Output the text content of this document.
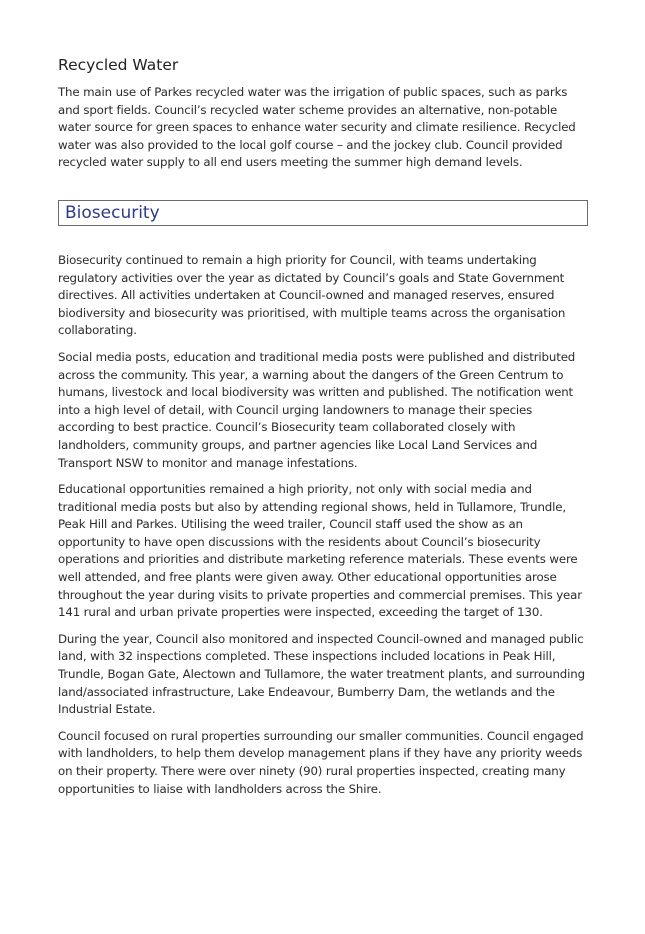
Recycled Water

The main use of Parkes recycled water was the irrigation of public spaces, such as parks and sport fields. Council’s recycled water scheme provides an alternative, non-potable water source for green spaces to enhance water security and climate resilience. Recycled water was also provided to the local golf course – and the jockey club. Council provided recycled water supply to all end users meeting the summer high demand levels.

Biosecurity

Biosecurity continued to remain a high priority for Council, with teams undertaking regulatory activities over the year as dictated by Council’s goals and State Government directives. All activities undertaken at Council-owned and managed reserves, ensured biodiversity and biosecurity was prioritised, with multiple teams across the organisation collaborating.

Social media posts, education and traditional media posts were published and distributed across the community. This year, a warning about the dangers of the Green Centrum to humans, livestock and local biodiversity was written and published. The notification went into a high level of detail, with Council urging landowners to manage their species according to best practice. Council’s Biosecurity team collaborated closely with landholders, community groups, and partner agencies like Local Land Services and Transport NSW to monitor and manage infestations.

Educational opportunities remained a high priority, not only with social media and traditional media posts but also by attending regional shows, held in Tullamore, Trundle, Peak Hill and Parkes. Utilising the weed trailer, Council staff used the show as an opportunity to have open discussions with the residents about Council’s biosecurity operations and priorities and distribute marketing reference materials. These events were well attended, and free plants were given away. Other educational opportunities arose throughout the year during visits to private properties and commercial premises. This year 141 rural and urban private properties were inspected, exceeding the target of 130.

During the year, Council also monitored and inspected Council-owned and managed public land, with 32 inspections completed. These inspections included locations in Peak Hill, Trundle, Bogan Gate, Alectown and Tullamore, the water treatment plants, and surrounding land/associated infrastructure, Lake Endeavour, Bumberry Dam, the wetlands and the Industrial Estate.

Council focused on rural properties surrounding our smaller communities. Council engaged with landholders, to help them develop management plans if they have any priority weeds on their property. There were over ninety (90) rural properties inspected, creating many opportunities to liaise with landholders across the Shire.
